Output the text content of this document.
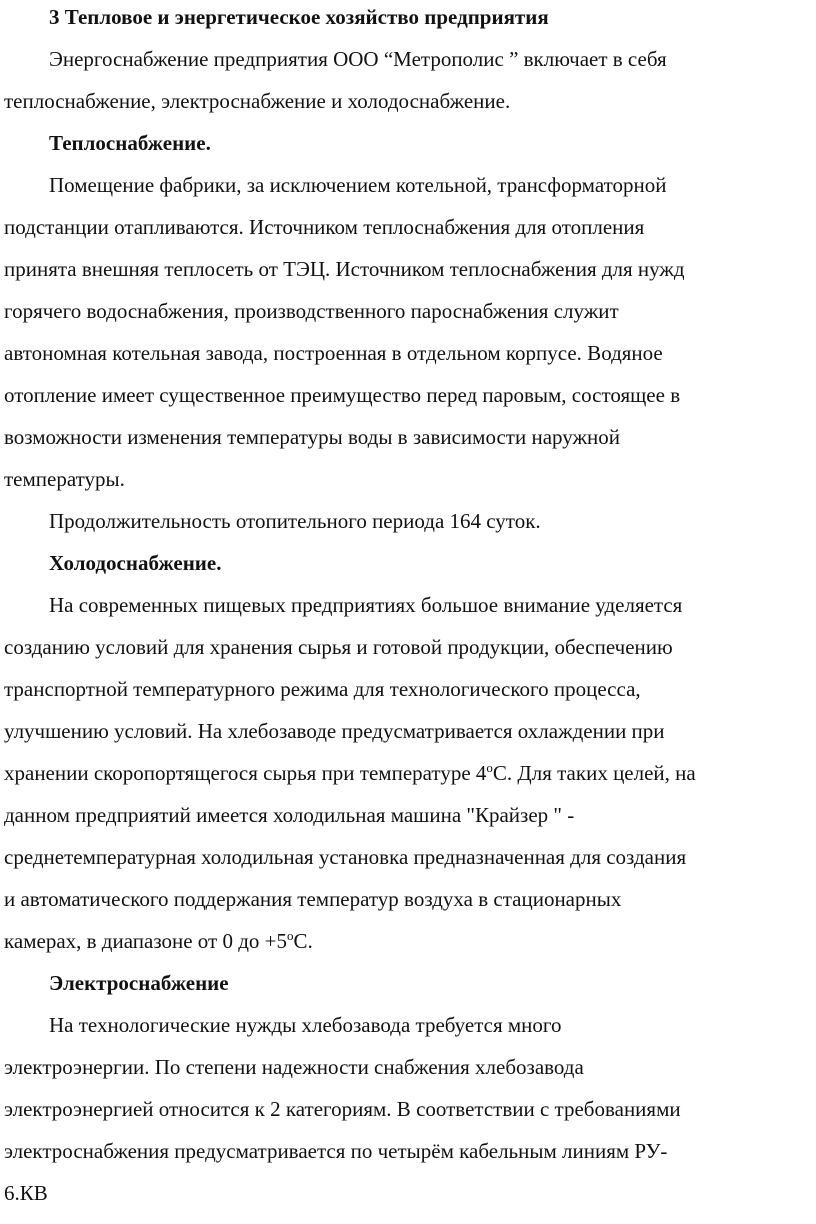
3 Тепловое и энергетическое хозяйство предприятия
Энергоснабжение предприятия ООО “Метрополис ” включает в себя
теплоснабжение, электроснабжение и холодоснабжение.
Теплоснабжение.
Помещение фабрики, за исключением котельной, трансформаторной
подстанции отапливаются. Источником теплоснабжения для отопления
принята внешняя теплосеть от ТЭЦ. Источником теплоснабжения для нужд
горячего водоснабжения, производственного пароснабжения служит
автономная котельная завода, построенная в отдельном корпусе. Водяное
отопление имеет существенное преимущество перед паровым, состоящее в
возможности изменения температуры воды в зависимости наружной
температуры.
Продолжительность отопительного периода 164 суток.
Холодоснабжение.
На современных пищевых предприятиях большое внимание уделяется
созданию условий для хранения сырья и готовой продукции, обеспечению
транспортной температурного режима для технологического процесса,
улучшению условий. На хлебозаводе предусматривается охлаждении при
хранении скоропортящегося сырья при температуре $4^оС$. Для таких целей, на
данном предприятий имеется холодильная машина "Крайзер " -
среднетемпературная холодильная установка предназначенная для создания
и автоматического поддержания температур воздуха в стационарных
камерах, в диапазоне от 0 до $+5^оС$.
Электроснабжение
На технологические нужды хлебозавода требуется много
электроэнергии. По степени надежности снабжения хлебозавода
электроэнергией относится к 2 категориям. В соответствии с требованиями
электроснабжения предусматривается по четырём кабельным линиям РУ-
6.КВ
